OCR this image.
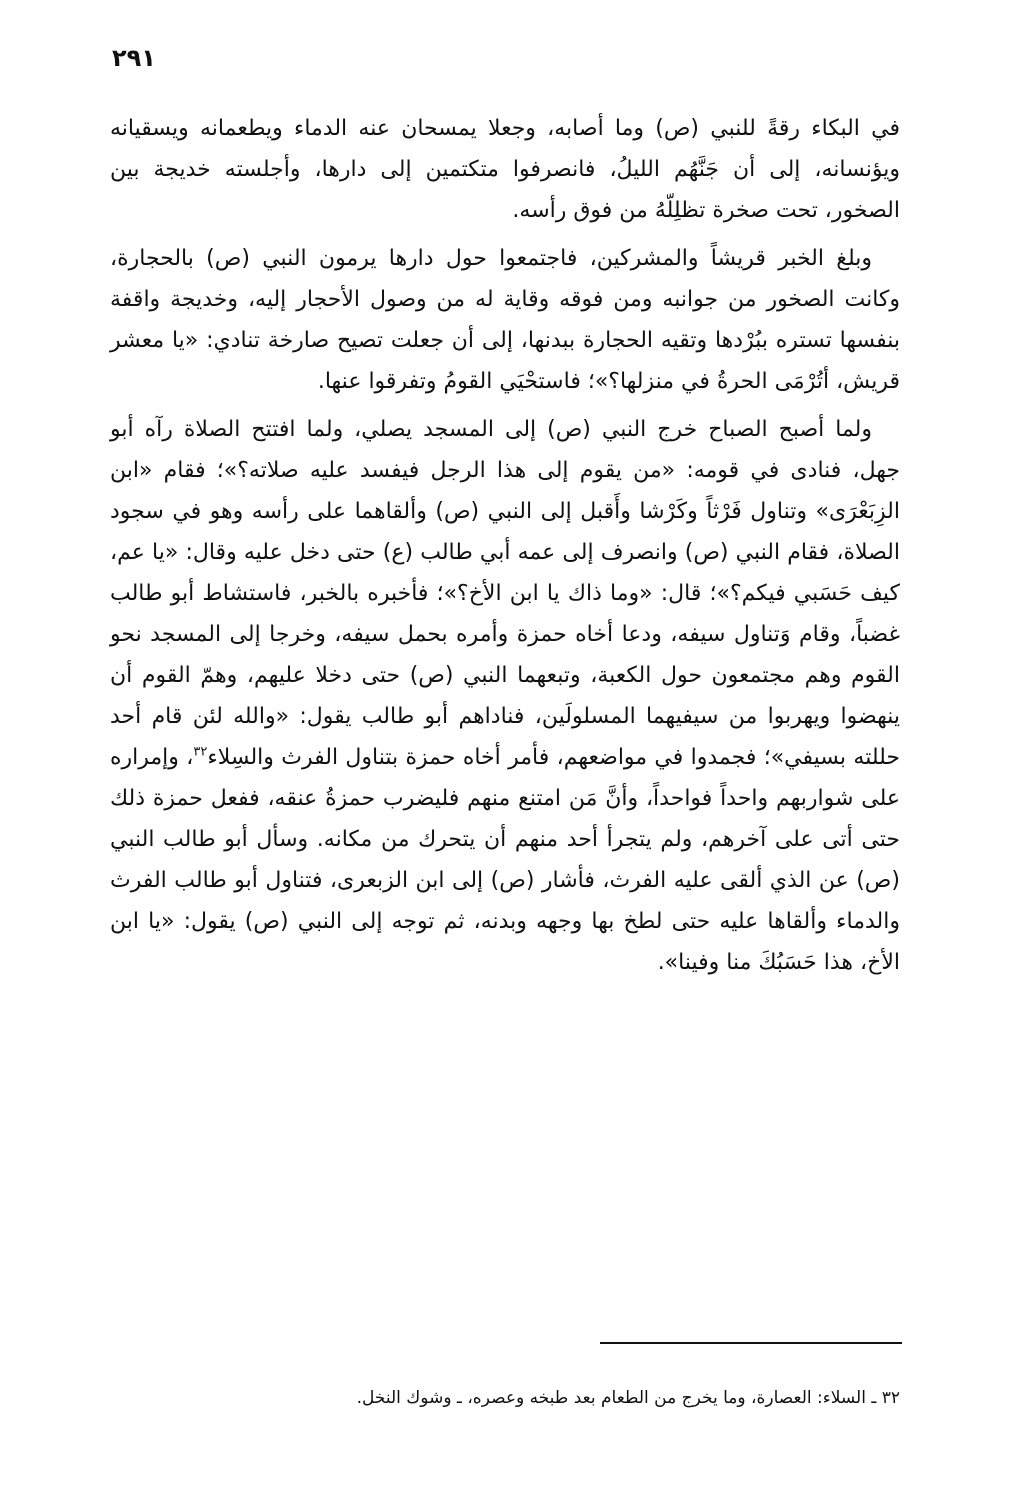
٢٩١

في البكاء رقةً للنبي (ص) وما أصابه، وجعلا يمسحان عنه الدماء ويطعمانه ويسقيانه ويؤنسانه، إلى أن جَنَّهُم الليلُ، فانصرفوا متكتمين إلى دارها، وأجلسته خديجة بين الصخور، تحت صخرة تظلِلّهُ من فوق رأسه.

وبلغ الخبر قريشاً والمشركين، فاجتمعوا حول دارها يرمون النبي (ص) بالحجارة، وكانت الصخور من جوانبه ومن فوقه وقاية له من وصول الأحجار إليه، وخديجة واقفة بنفسها تستره ببُرْدها وتقيه الحجارة ببدنها، إلى أن جعلت تصيح صارخة تنادي: «يا معشر قريش، أتُرْمَى الحرةُ في منزلها؟»؛ فاستحْيَي القومُ وتفرقوا عنها.

ولما أصبح الصباح خرج النبي (ص) إلى المسجد يصلي، ولما افتتح الصلاة رآه أبو جهل، فنادى في قومه: «من يقوم إلى هذا الرجل فيفسد عليه صلاته؟»؛ فقام «ابن الزِبَعْرَى» وتناول فَرْثاً وكَرْشا وأَقبل إلى النبي (ص) وألقاهما على رأسه وهو في سجود الصلاة، فقام النبي (ص) وانصرف إلى عمه أبي طالب (ع) حتى دخل عليه وقال: «يا عم، كيف حَسَبي فيكم؟»؛ قال: «وما ذاك يا ابن الأخ؟»؛ فأخبره بالخبر، فاستشاط أبو طالب غضباً، وقام وَتناول سيفه، ودعا أخاه حمزة وأمره بحمل سيفه، وخرجا إلى المسجد نحو القوم وهم مجتمعون حول الكعبة، وتبعهما النبي (ص) حتى دخلا عليهم، وهمّ القوم أن ينهضوا ويهربوا من سيفيهما المسلولَين، فناداهم أبو طالب يقول: «والله لئن قام أحد حللته بسيفي»؛ فجمدوا في مواضعهم، فأمر أخاه حمزة بتناول الفرث والسِلاء$^{٣٢}$، وإمراره على شواربهم واحداً فواحداً، وأنَّ مَن امتنع منهم فليضرب حمزةُ عنقه، ففعل حمزة ذلك حتى أتى على آخرهم، ولم يتجرأ أحد منهم أن يتحرك من مكانه. وسأل أبو طالب النبي (ص) عن الذي ألقى عليه الفرث، فأشار (ص) إلى ابن الزبعرى، فتناول أبو طالب الفرث والدماء وألقاها عليه حتى لطخ بها وجهه وبدنه، ثم توجه إلى النبي (ص) يقول: «يا ابن الأخ، هذا حَسَبُكَ منا وفينا».

٣٢ ـ السلاء: العصارة، وما يخرج من الطعام بعد طبخه وعصره، ـ وشوك النخل.
